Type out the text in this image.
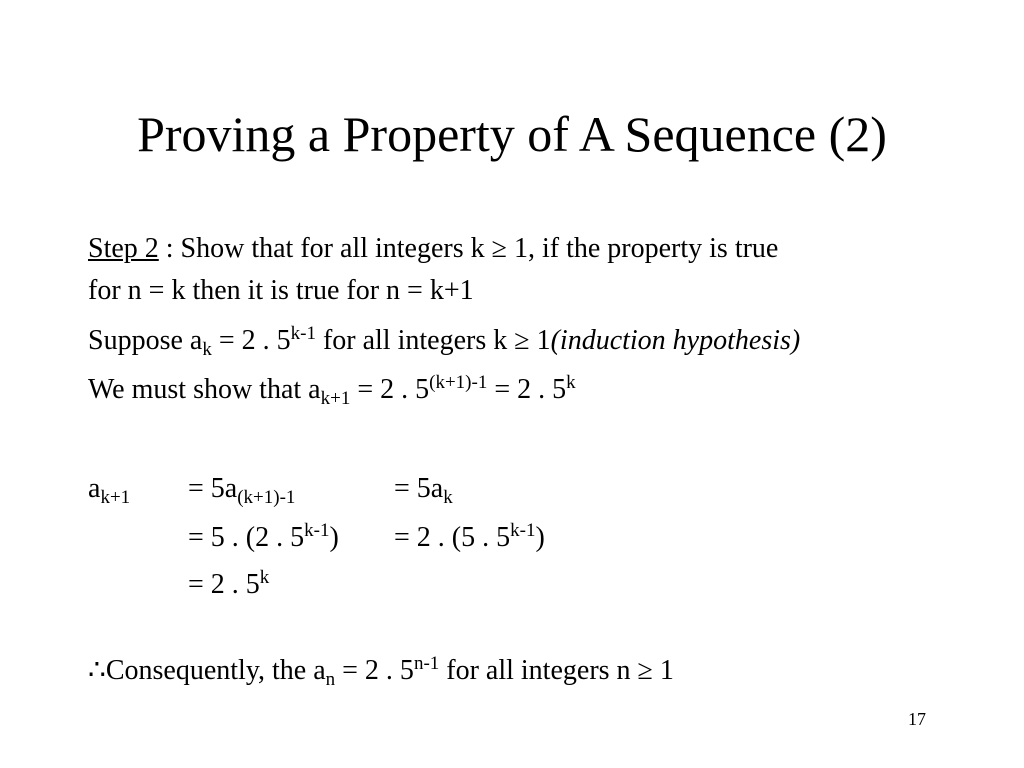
Proving a Property of A Sequence (2)
Step 2 : Show that for all integers k ≥ 1, if the property is true
for n = k then it is true for n = k+1
Suppose $a_k = 2$ . 5$^{k-1}$ for all integers k ≥ 1(induction hypothesis)
We must show that $a_{k+1} = 2$ . $5^{(k+1)-1} = 2$ . 5$^k$
$a_{k+1} = 5a_{(k+1)-1}$	= $5a_k$
= 5 . (2 . $5^{k-1}) = 2$ . (5 . $5^{k-1}$)
= 2 . 5$^k$
∴Consequently, the $a_n = 2$ . 5$^{n-1}$ for all integers n ≥ 1
17
